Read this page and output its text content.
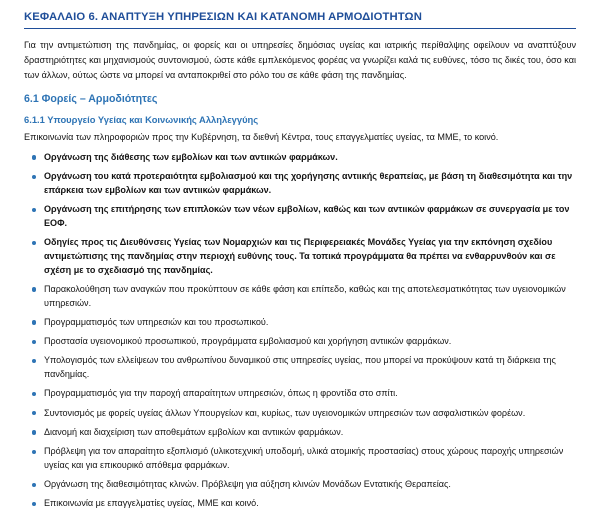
ΚΕΦΑΛΑΙΟ 6. ΑΝΑΠΤΥΞΗ ΥΠΗΡΕΣΙΩΝ ΚΑΙ ΚΑΤΑΝΟΜΗ ΑΡΜΟΔΙΟΤΗΤΩΝ

Για την αντιμετώπιση της πανδημίας, οι φορείς και οι υπηρεσίες δημόσιας υγείας και ιατρικής περίθαλψης οφείλουν να αναπτύξουν δραστηριότητες και μηχανισμούς συντονισμού, ώστε κάθε εμπλεκόμενος φορέας να γνωρίζει καλά τις ευθύνες, τόσο τις δικές του, όσο και των άλλων, ούτως ώστε να μπορεί να ανταποκριθεί στο ρόλο του σε κάθε φάση της πανδημίας.

6.1 Φορείς – Αρμοδιότητες
6.1.1 Υπουργείο Υγείας και Κοινωνικής Αλληλεγγύης

Επικοινωνία των πληροφοριών προς την Κυβέρνηση, τα διεθνή Κέντρα, τους επαγγελματίες υγείας, τα ΜΜΕ, το κοινό.

Οργάνωση της διάθεσης των εμβολίων και των αντιικών φαρμάκων.
Οργάνωση του κατά προτεραιότητα εμβολιασμού και της χορήγησης αντιικής θεραπείας, με βάση τη διαθεσιμότητα και την επάρκεια των εμβολίων και των αντιικών φαρμάκων.
Οργάνωση της επιτήρησης των επιπλοκών των νέων εμβολίων, καθώς και των αντιικών φαρμάκων σε συνεργασία με τον ΕΟΦ.
Οδηγίες προς τις Διευθύνσεις Υγείας των Νομαρχιών και τις Περιφερειακές Μονάδες Υγείας για την εκπόνηση σχεδίου αντιμετώπισης της πανδημίας στην περιοχή ευθύνης τους. Τα τοπικά προγράμματα θα πρέπει να ενθαρρυνθούν και σε σχέση με το σχεδιασμό της πανδημίας.
Παρακολούθηση των αναγκών που προκύπτουν σε κάθε φάση και επίπεδο, καθώς και της αποτελεσματικότητας των υγειονομικών υπηρεσιών.
Προγραμματισμός των υπηρεσιών και του προσωπικού.
Προστασία υγειονομικού προσωπικού, προγράμματα εμβολιασμού και χορήγηση αντιικών φαρμάκων.
Υπολογισμός των ελλείψεων του ανθρωπίνου δυναμικού στις υπηρεσίες υγείας, που μπορεί να προκύψουν κατά τη διάρκεια της πανδημίας.
Προγραμματισμός για την παροχή απαραίτητων υπηρεσιών, όπως η φροντίδα στο σπίτι.
Συντονισμός με φορείς υγείας άλλων Υπουργείων και, κυρίως, των υγειονομικών υπηρεσιών των ασφαλιστικών φορέων.
Διανομή και διαχείριση των αποθεμάτων εμβολίων και αντιικών φαρμάκων.
Πρόβλεψη για τον απαραίτητο εξοπλισμό (υλικοτεχνική υποδομή, υλικά ατομικής προστασίας) στους χώρους παροχής υπηρεσιών υγείας και για επικουρικό απόθεμα φαρμάκων.
Οργάνωση της διαθεσιμότητας κλινών. Πρόβλεψη για αύξηση κλινών Μονάδων Εντατικής Θεραπείας.
Επικοινωνία με επαγγελματίες υγείας, ΜΜΕ και κοινό.
